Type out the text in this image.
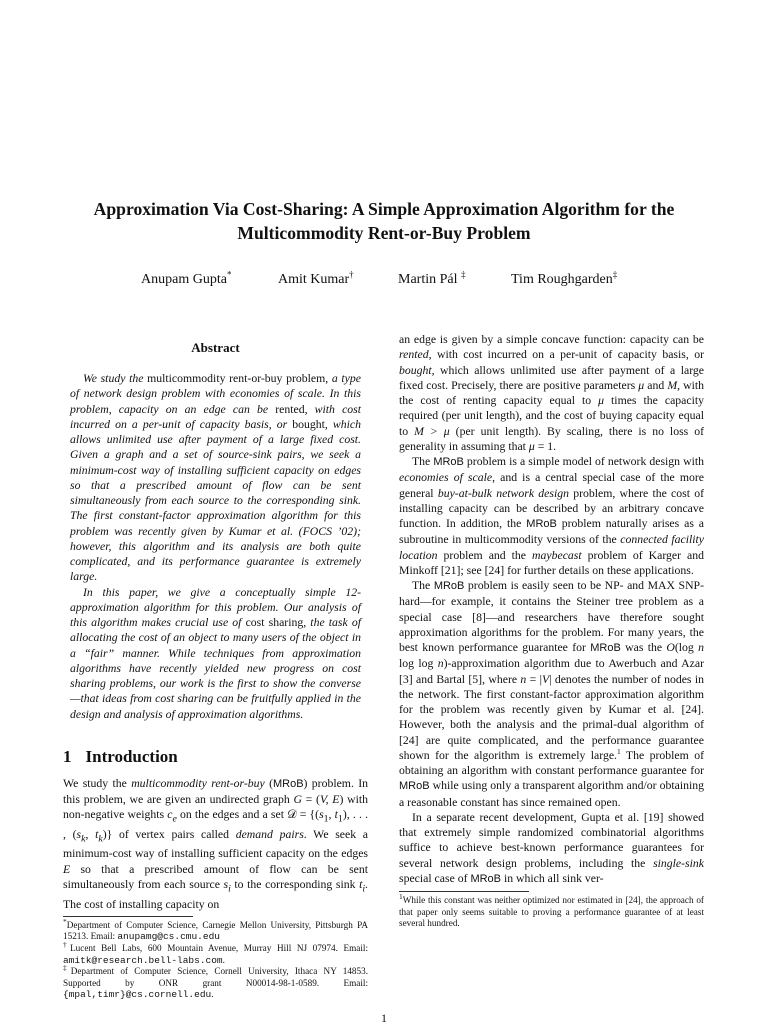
Approximation Via Cost-Sharing: A Simple Approximation Algorithm for the
Multicommodity Rent-or-Buy Problem
Anupam Gupta*	Amit Kumar†	Martin Pál ‡	Tim Roughgarden‡
Abstract

We study the multicommodity rent-or-buy problem, a type of network design problem with economies of scale. In this problem, capacity on an edge can be rented, with cost incurred on a per-unit of capacity basis, or bought, which allows unlimited use after payment of a large fixed cost. Given a graph and a set of source-sink pairs, we seek a minimum-cost way of installing sufficient capacity on edges so that a prescribed amount of flow can be sent simultaneously from each source to the corresponding sink. The first constant-factor approximation algorithm for this problem was recently given by Kumar et al. (FOCS ’02); however, this algorithm and its analysis are both quite complicated, and its performance guarantee is extremely large.

In this paper, we give a conceptually simple 12-approximation algorithm for this problem. Our analysis of this algorithm makes crucial use of cost sharing, the task of allocating the cost of an object to many users of the object in a “fair” manner. While techniques from approximation algorithms have recently yielded new progress on cost sharing problems, our work is the first to show the converse—that ideas from cost sharing can be fruitfully applied in the design and analysis of approximation algorithms.

1 Introduction

We study the multicommodity rent-or-buy (MRoB) problem. In this problem, we are given an undirected graph G = (V, E) with non-negative weights $c_e$ on the edges and a set 𝒟 = {($s_1$, $t_1$), . . . , ($s_k$, $t_k$)} of vertex pairs called demand pairs. We seek a minimum-cost way of installing sufficient capacity on the edges E so that a prescribed amount of flow can be sent simultaneously from each source $s_i$ to the corresponding sink $t_i$. The cost of installing capacity on

*Department of Computer Science, Carnegie Mellon University, Pittsburgh PA 15213. Email: anupamg@cs.cmu.edu

†Lucent Bell Labs, 600 Mountain Avenue, Murray Hill NJ 07974. Email: amitk@research.bell-labs.com.

‡Department of Computer Science, Cornell University, Ithaca NY 14853. Supported by ONR grant N00014-98-1-0589. Email: {mpal,timr}@cs.cornell.edu.

an edge is given by a simple concave function: capacity can be rented, with cost incurred on a per-unit of capacity basis, or bought, which allows unlimited use after payment of a large fixed cost. Precisely, there are positive parameters μ and M, with the cost of renting capacity equal to μ times the capacity required (per unit length), and the cost of buying capacity equal to M > μ (per unit length). By scaling, there is no loss of generality in assuming that μ = 1.

The MRoB problem is a simple model of network design with economies of scale, and is a central special case of the more general buy-at-bulk network design problem, where the cost of installing capacity can be described by an arbitrary concave function. In addition, the MRoB problem naturally arises as a subroutine in multicommodity versions of the connected facility location problem and the maybecast problem of Karger and Minkoff [21]; see [24] for further details on these applications.

The MRoB problem is easily seen to be NP- and MAX SNP-hard—for example, it contains the Steiner tree problem as a special case [8]—and researchers have therefore sought approximation algorithms for the problem. For many years, the best known performance guarantee for MRoB was the O(log n log log n)-approximation algorithm due to Awerbuch and Azar [3] and Bartal [5], where n = |V| denotes the number of nodes in the network. The first constant-factor approximation algorithm for the problem was recently given by Kumar et al. [24]. However, both the analysis and the primal-dual algorithm of [24] are quite complicated, and the performance guarantee shown for the algorithm is extremely large.$^1$ The problem of obtaining an algorithm with constant performance guarantee for MRoB while using only a transparent algorithm and/or obtaining a reasonable constant has since remained open.

In a separate recent development, Gupta et al. [19] showed that extremely simple randomized combinatorial algorithms suffice to achieve best-known performance guarantees for several network design problems, including the single-sink special case of MRoB in which all sink ver-

$^1$While this constant was neither optimized nor estimated in [24], the approach of that paper only seems suitable to proving a performance guarantee of at least several hundred.

1
